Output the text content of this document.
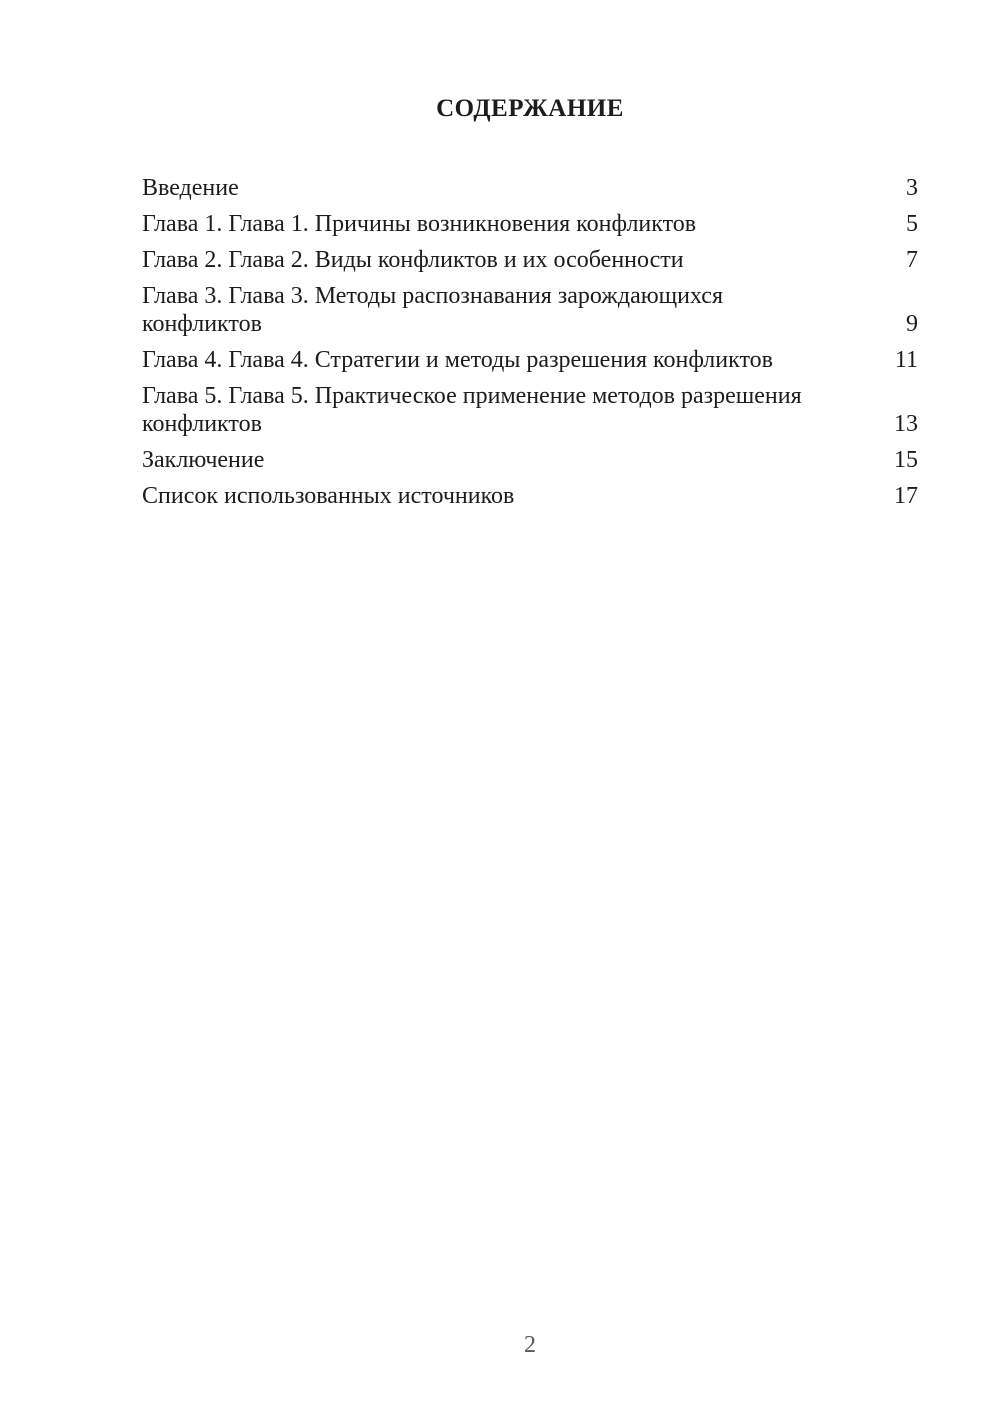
СОДЕРЖАНИЕ
Введение	3
Глава 1. Глава 1. Причины возникновения конфликтов	5
Глава 2. Глава 2. Виды конфликтов и их особенности	7
Глава 3. Глава 3. Методы распознавания зарождающихся конфликтов	9
Глава 4. Глава 4. Стратегии и методы разрешения конфликтов	11
Глава 5. Глава 5. Практическое применение методов разрешения конфликтов	13
Заключение	15
Список использованных источников	17
2
